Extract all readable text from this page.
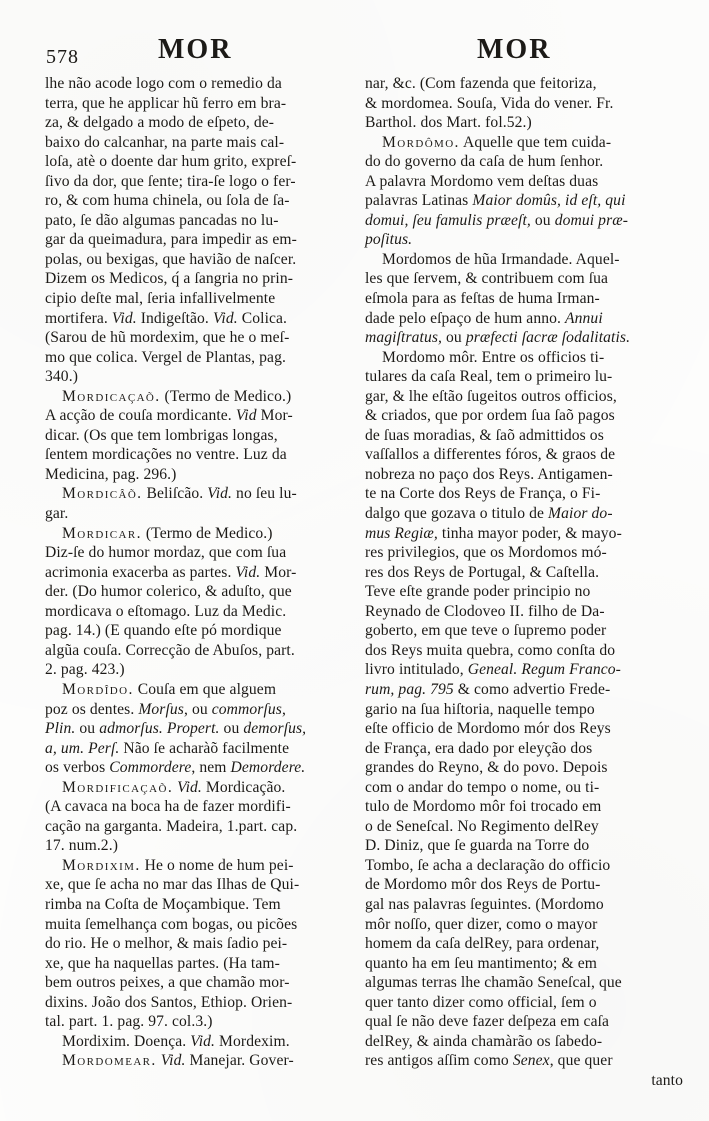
578	MOR	MOR
lhe não acode logo com o remedio da
terra, que he applicar hũ ferro em bra-
za, & delgado a modo de eſpeto, de-
baixo do calcanhar, na parte mais cal-
loſa, atè o doente dar hum grito, expreſ-
ſivo da dor, que ſente; tira-ſe logo o fer-
ro, & com huma chinela, ou ſola de ſa-
pato, ſe dão algumas pancadas no lu-
gar da queimadura, para impedir as em-
polas, ou bexigas, que havião de naſcer.
Dizem os Medicos, q́ a ſangria no prin-
cipio deſte mal, ſeria infallivelmente
mortifera. Vid. Indigeſtão. Vid. Colica.
(Sarou de hũ mordexim, que he o meſ-
mo que colica. Vergel de Plantas, pag.
340.)
Mordicaçaõ. (Termo de Medico.)
A acção de couſa mordicante. Vid Mor-
dicar. (Os que tem lombrigas longas,
ſentem mordicações no ventre. Luz da
Medicina, pag. 296.)
Mordicâõ. Beliſcão. Vid. no ſeu lu-
gar.
Mordicar. (Termo de Medico.)
Diz-ſe do humor mordaz, que com ſua
acrimonia exacerba as partes. Vid. Mor-
der. (Do humor colerico, & aduſto, que
mordicava o eſtomago. Luz da Medic.
pag. 14.) (E quando eſte pó mordique
algũa couſa. Correcção de Abuſos, part.
2. pag. 423.)
Mordîdo. Couſa em que alguem
poz os dentes. Morſus, ou commorſus,
Plin. ou admorſus. Propert. ou demorſus,
a, um. Perſ. Não ſe acharàõ facilmente
os verbos Commordere, nem Demordere.
Mordificaçaõ. Vid. Mordicação.
(A cavaca na boca ha de fazer mordifi-
cação na garganta. Madeira, 1.part. cap.
17. num.2.)
Mordixim. He o nome de hum pei-
xe, que ſe acha no mar das Ilhas de Qui-
rimba na Coſta de Moçambique. Tem
muita ſemelhança com bogas, ou picões
do rio. He o melhor, & mais ſadio pei-
xe, que ha naquellas partes. (Ha tam-
bem outros peixes, a que chamão mor-
dixins. João dos Santos, Ethiop. Orien-
tal. part. 1. pag. 97. col.3.)
Mordixim. Doença. Vid. Mordexim.
Mordomear. Vid. Manejar. Gover-
nar, &c. (Com fazenda que feitoriza,
& mordomea. Souſa, Vida do vener. Fr.
Barthol. dos Mart. fol.52.)
Mordômo. Aquelle que tem cuida-
do do governo da caſa de hum ſenhor.
A palavra Mordomo vem deſtas duas
palavras Latinas Maior domûs, id eſt, qui
domui, ſeu famulis præeſt, ou domui præ-
poſitus.
Mordomos de hũa Irmandade. Aquel-
les que ſervem, & contribuem com ſua
eſmola para as feſtas de huma Irman-
dade pelo eſpaço de hum anno. Annui
magiſtratus, ou præfecti ſacræ ſodalitatis.
Mordomo môr. Entre os officios ti-
tulares da caſa Real, tem o primeiro lu-
gar, & lhe eſtão ſugeitos outros officios,
& criados, que por ordem ſua ſaõ pagos
de ſuas moradias, & ſaõ admittidos os
vaſſallos a differentes fóros, & graos de
nobreza no paço dos Reys. Antigamen-
te na Corte dos Reys de França, o Fi-
dalgo que gozava o titulo de Maior do-
mus Regiæ, tinha mayor poder, & mayo-
res privilegios, que os Mordomos mó-
res dos Reys de Portugal, & Caſtella.
Teve eſte grande poder principio no
Reynado de Clodoveo II. filho de Da-
goberto, em que teve o ſupremo poder
dos Reys muita quebra, como conſta do
livro intitulado, Geneal. Regum Franco-
rum, pag. 795 & como advertio Frede-
gario na ſua hiſtoria, naquelle tempo
eſte officio de Mordomo mór dos Reys
de França, era dado por eleyção dos
grandes do Reyno, & do povo. Depois
com o andar do tempo o nome, ou ti-
tulo de Mordomo môr foi trocado em
o de Seneſcal. No Regimento delRey
D. Diniz, que ſe guarda na Torre do
Tombo, ſe acha a declaração do officio
de Mordomo môr dos Reys de Portu-
gal nas palavras ſeguintes. (Mordomo
môr noſſo, quer dizer, como o mayor
homem da caſa delRey, para ordenar,
quanto ha em ſeu mantimento; & em
algumas terras lhe chamão Seneſcal, que
quer tanto dizer como official, ſem o
qual ſe não deve fazer deſpeza em caſa
delRey, & ainda chamàrão os ſabedo-
res antigos aſſim como Senex, que quer
tanto
